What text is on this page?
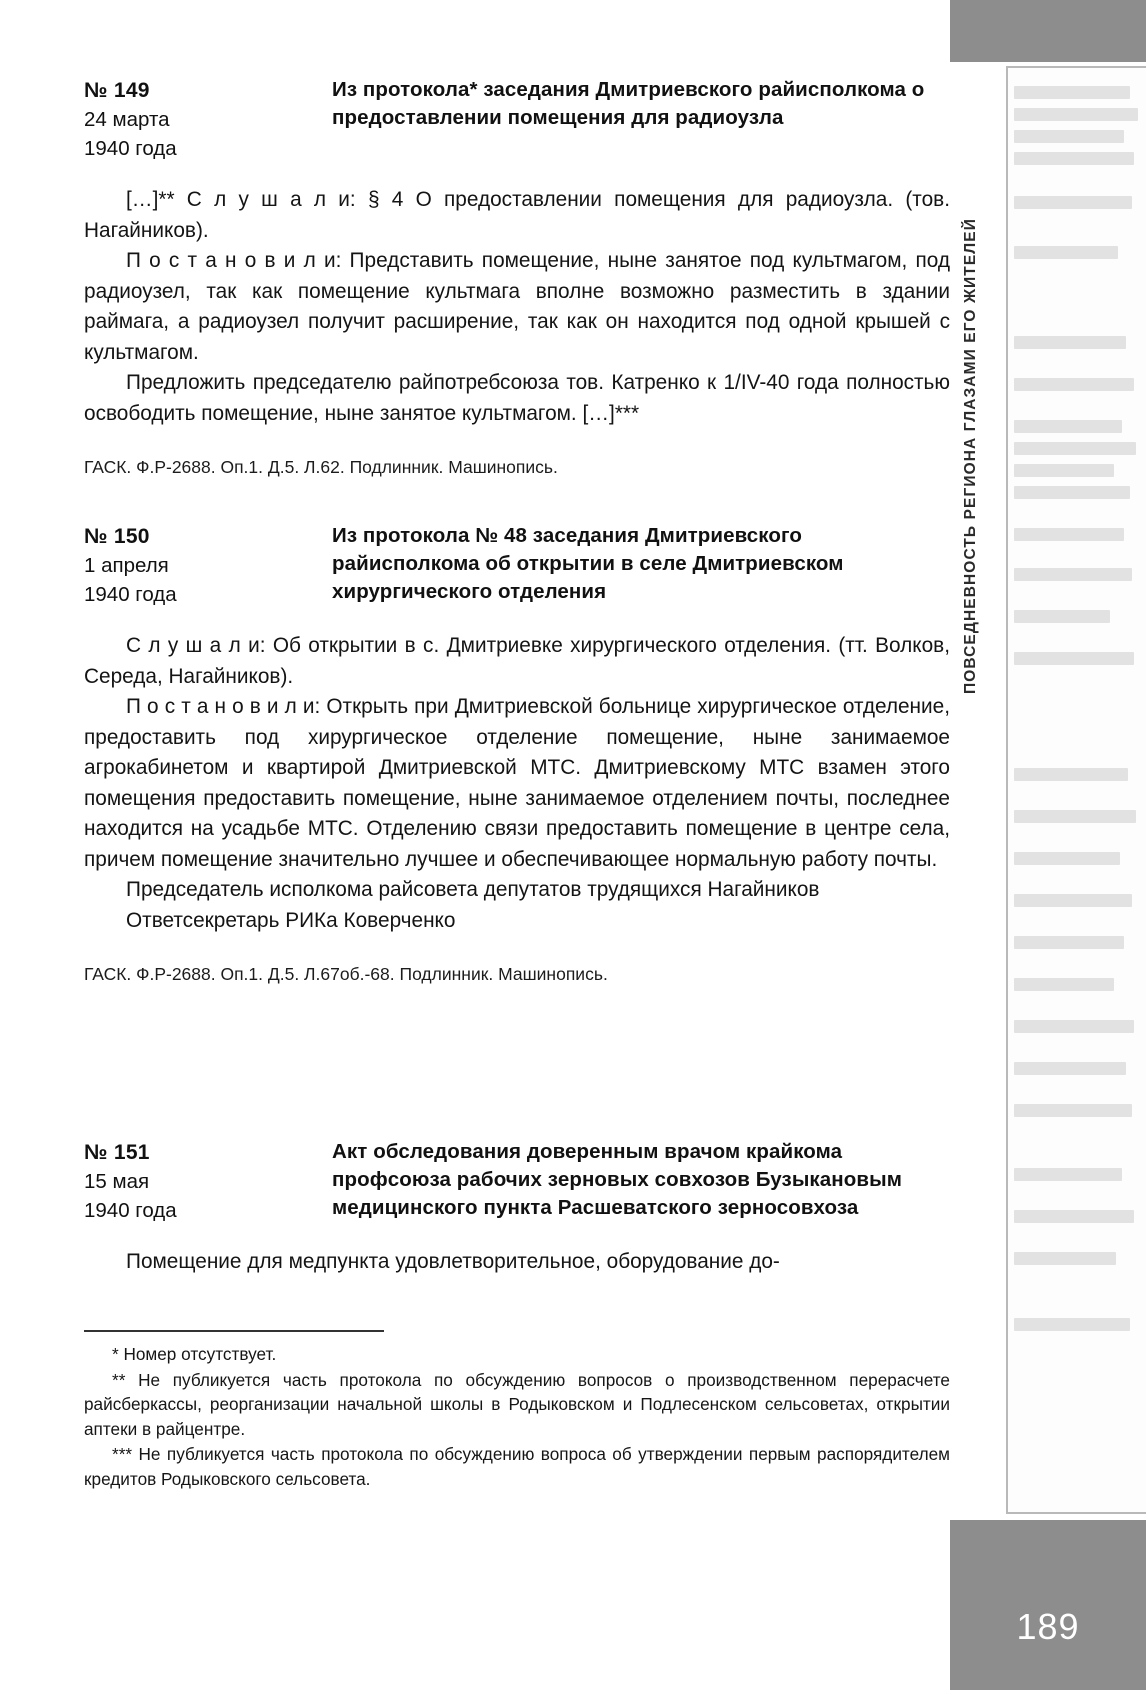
№ 149
24 марта
1940 года
Из протокола* заседания Дмитриевского райисполкома о предоставлении помещения для радиоузла

[…]** С л у ш а л и: § 4 О предоставлении помещения для радиоузла. (тов. Нагайников).

П о с т а н о в и л и: Представить помещение, ныне занятое под культмагом, под радиоузел, так как помещение культмага вполне возможно разместить в здании раймага, а радиоузел получит расширение, так как он находится под одной крышей с культмагом.

Предложить председателю райпотребсоюза тов. Катренко к 1/IV-40 года полностью освободить помещение, ныне занятое культмагом. […]***

ГАСК. Ф.Р-2688. Оп.1. Д.5. Л.62. Подлинник. Машинопись.
№ 150
1 апреля
1940 года
Из протокола № 48 заседания Дмитриевского райисполкома об открытии в селе Дмитриевском хирургического отделения

С л у ш а л и: Об открытии в с. Дмитриевке хирургического отделения. (тт. Волков, Середа, Нагайников).

П о с т а н о в и л и: Открыть при Дмитриевской больнице хирургическое отделение, предоставить под хирургическое отделение помещение, ныне занимаемое агрокабинетом и квартирой Дмитриевской МТС. Дмитриевскому МТС взамен этого помещения предоставить помещение, ныне занимаемое отделением почты, последнее находится на усадьбе МТС. Отделению связи предоставить помещение в центре села, причем помещение значительно лучшее и обеспечивающее нормальную работу почты.

Председатель исполкома райсовета депутатов трудящихся Нагайников

Ответсекретарь РИКа Коверченко

ГАСК. Ф.Р-2688. Оп.1. Д.5. Л.67об.-68. Подлинник. Машинопись.
№ 151
15 мая
1940 года
Акт обследования доверенным врачом крайкома профсоюза рабочих зерновых совхозов Бузыкановым медицинского пункта Расшеватского зерносовхоза

Помещение для медпункта удовлетворительное, оборудование до-

* Номер отсутствует.

** Не публикуется часть протокола по обсуждению вопросов о производственном перерасчете райсберкассы, реорганизации начальной школы в Родыковском и Подлесенском сельсоветах, открытии аптеки в райцентре.

*** Не публикуется часть протокола по обсуждению вопроса об утверждении первым распорядителем кредитов Родыковского сельсовета.

ПОВСЕДНЕВНОСТЬ РЕГИОНА ГЛАЗАМИ ЕГО ЖИТЕЛЕЙ
189
